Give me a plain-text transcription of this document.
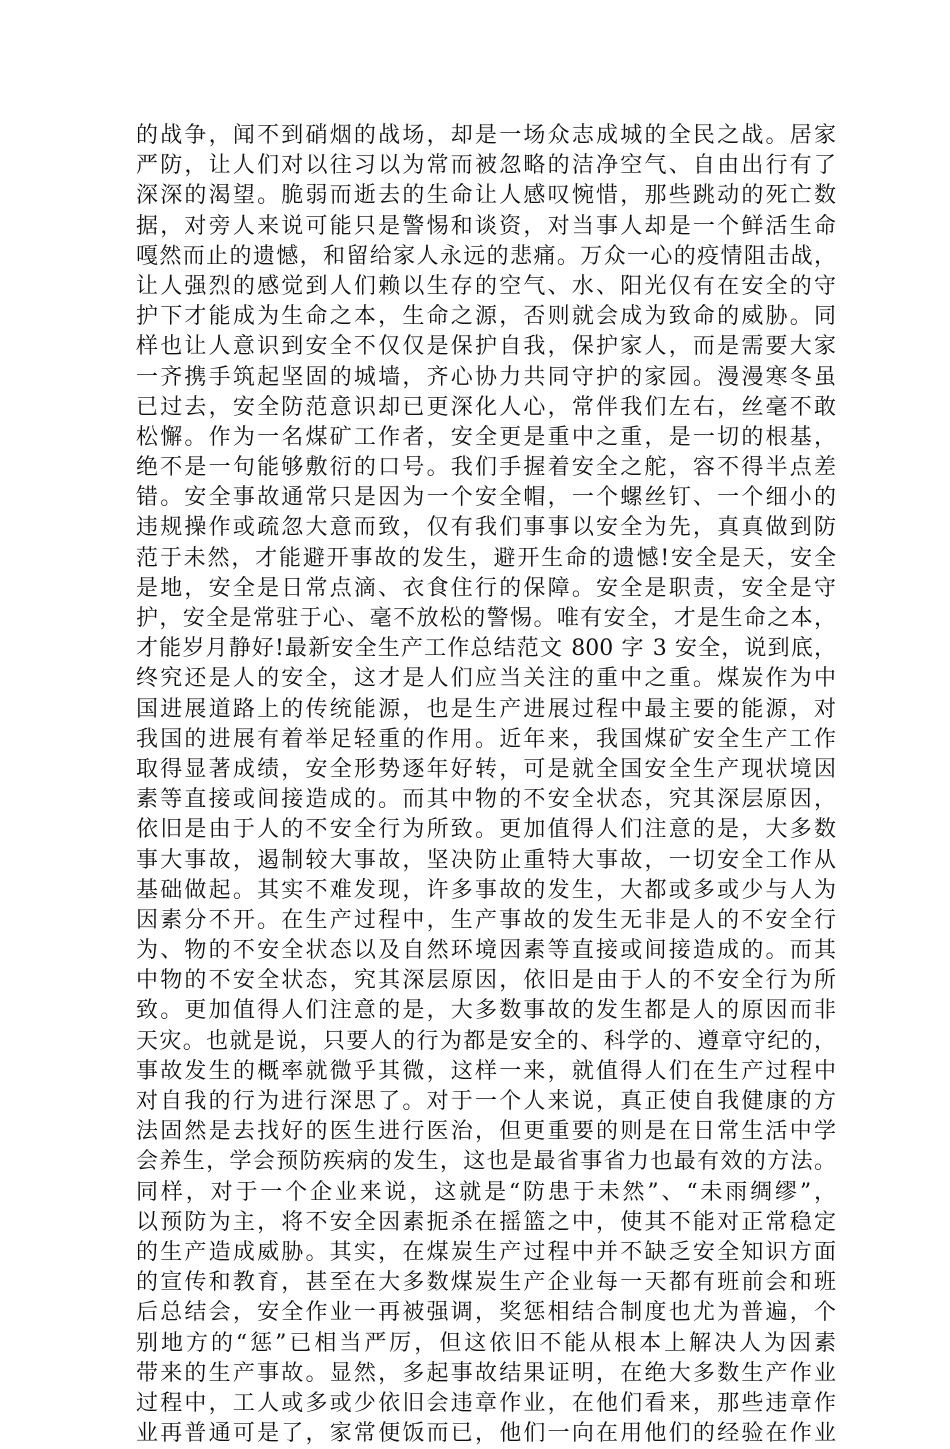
的战争，闻不到硝烟的战场，却是一场众志成城的全民之战。居家
严防，让人们对以往习以为常而被忽略的洁净空气、自由出行有了
深深的渴望。脆弱而逝去的生命让人感叹惋惜，那些跳动的死亡数
据，对旁人来说可能只是警惕和谈资，对当事人却是一个鲜活生命
嘎然而止的遗憾，和留给家人永远的悲痛。万众一心的疫情阻击战，
让人强烈的感觉到人们赖以生存的空气、水、阳光仅有在安全的守
护下才能成为生命之本，生命之源，否则就会成为致命的威胁。同
样也让人意识到安全不仅仅是保护自我，保护家人，而是需要大家
一齐携手筑起坚固的城墙，齐心协力共同守护的家园。漫漫寒冬虽
已过去，安全防范意识却已更深化人心，常伴我们左右，丝毫不敢
松懈。作为一名煤矿工作者，安全更是重中之重，是一切的根基，
绝不是一句能够敷衍的口号。我们手握着安全之舵，容不得半点差
错。安全事故通常只是因为一个安全帽，一个螺丝钉、一个细小的
违规操作或疏忽大意而致，仅有我们事事以安全为先，真真做到防
范于未然，才能避开事故的发生，避开生命的遗憾!安全是天，安全
是地，安全是日常点滴、衣食住行的保障。安全是职责，安全是守
护，安全是常驻于心、毫不放松的警惕。唯有安全，才是生命之本，
才能岁月静好!最新安全生产工作总结范文 800 字 3 安全，说到底，
终究还是人的安全，这才是人们应当关注的重中之重。煤炭作为中
国进展道路上的传统能源，也是生产进展过程中最主要的能源，对
我国的进展有着举足轻重的作用。近年来，我国煤矿安全生产工作
取得显著成绩，安全形势逐年好转，可是就全国安全生产现状境因
素等直接或间接造成的。而其中物的不安全状态，究其深层原因，
依旧是由于人的不安全行为所致。更加值得人们注意的是，大多数
事大事故，遏制较大事故，坚决防止重特大事故，一切安全工作从
基础做起。其实不难发现，许多事故的发生，大都或多或少与人为
因素分不开。在生产过程中，生产事故的发生无非是人的不安全行
为、物的不安全状态以及自然环境因素等直接或间接造成的。而其
中物的不安全状态，究其深层原因，依旧是由于人的不安全行为所
致。更加值得人们注意的是，大多数事故的发生都是人的原因而非
天灾。也就是说，只要人的行为都是安全的、科学的、遵章守纪的，
事故发生的概率就微乎其微，这样一来，就值得人们在生产过程中
对自我的行为进行深思了。对于一个人来说，真正使自我健康的方
法固然是去找好的医生进行医治，但更重要的则是在日常生活中学
会养生，学会预防疾病的发生，这也是最省事省力也最有效的方法。
同样，对于一个企业来说，这就是“防患于未然”、“未雨绸缪”，
以预防为主，将不安全因素扼杀在摇篮之中，使其不能对正常稳定
的生产造成威胁。其实，在煤炭生产过程中并不缺乏安全知识方面
的宣传和教育，甚至在大多数煤炭生产企业每一天都有班前会和班
后总结会，安全作业一再被强调，奖惩相结合制度也尤为普遍，个
别地方的“惩”已相当严厉，但这依旧不能从根本上解决人为因素
带来的生产事故。显然，多起事故结果证明，在绝大多数生产作业
过程中，工人或多或少依旧会违章作业，在他们看来，那些违章作
业再普通可是了，家常便饭而已，他们一向在用他们的经验在作业
